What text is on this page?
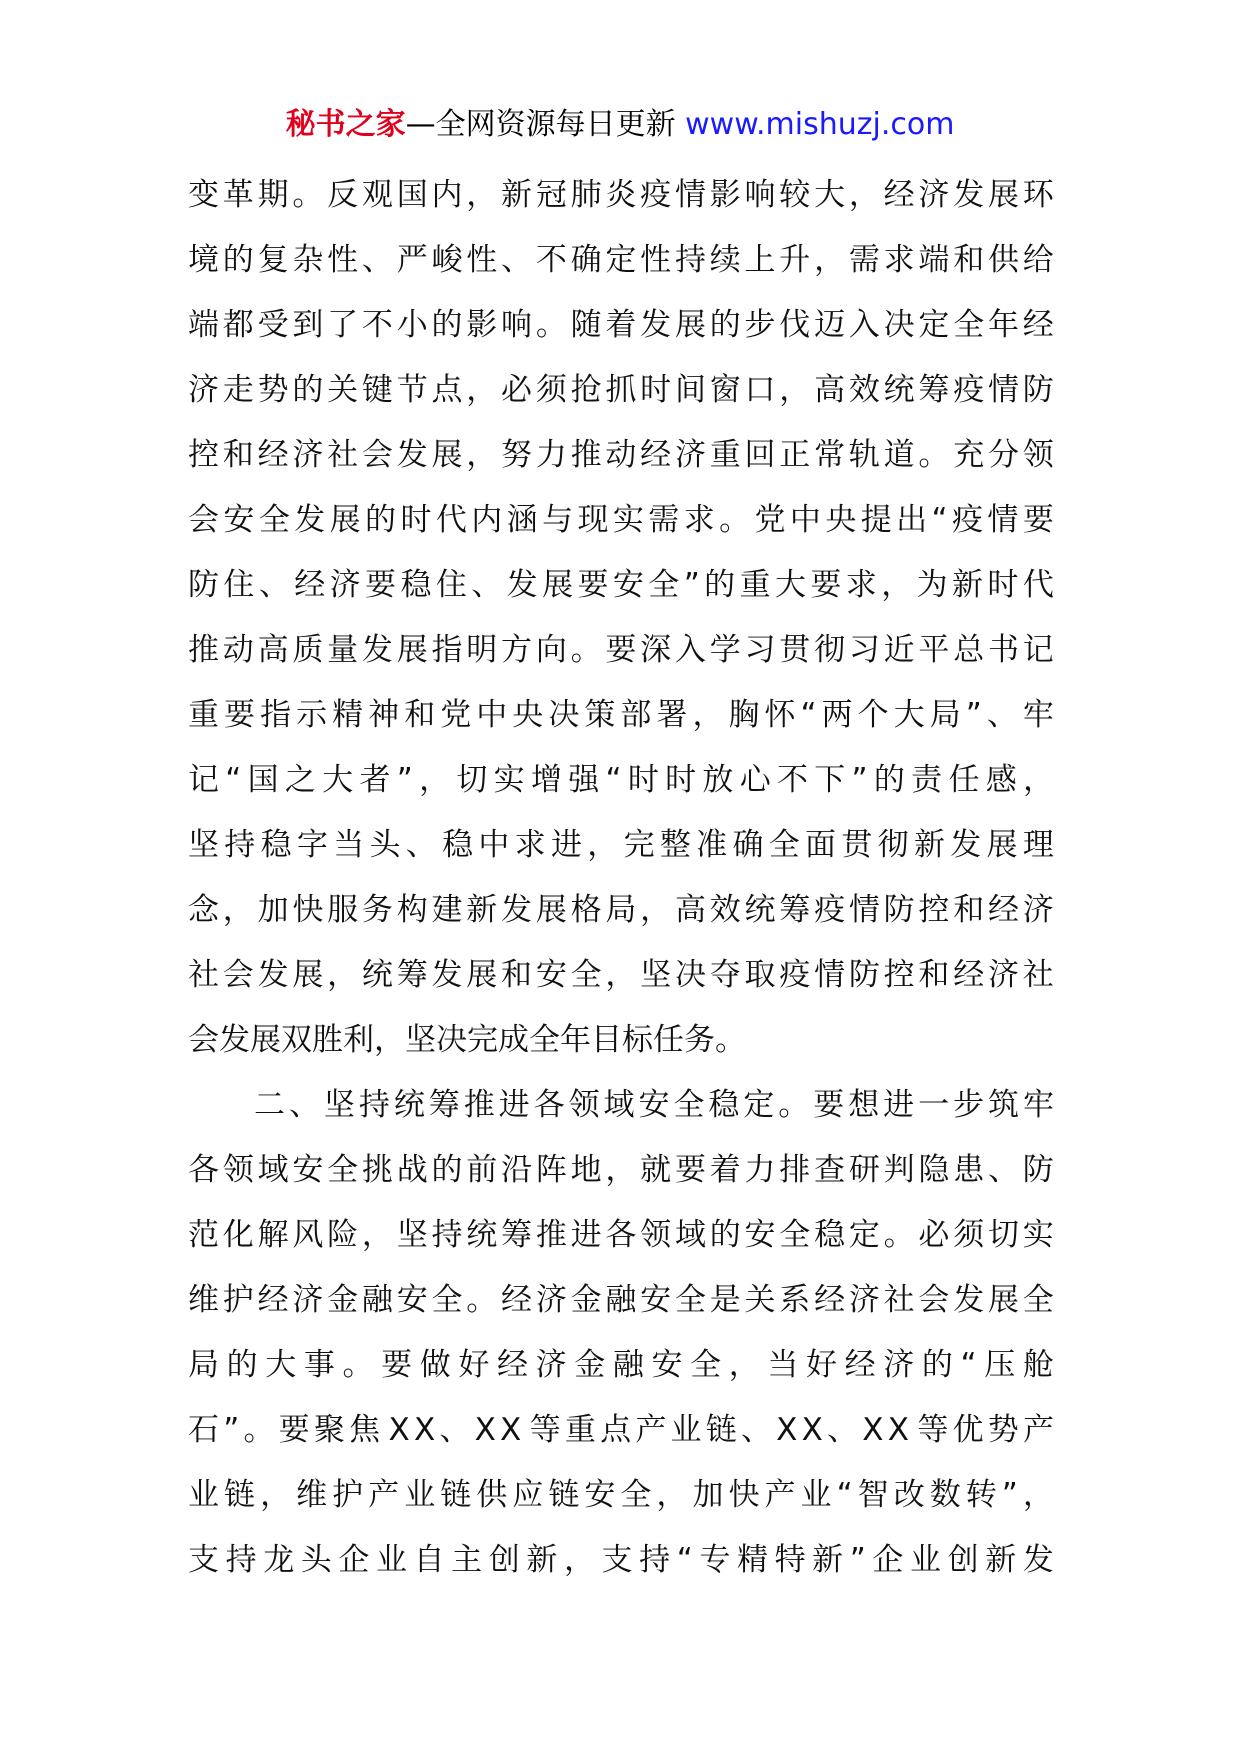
秘书之家—全网资源每日更新 www.mishuzj.com
变 革 期 。 反 观 国 内 ， 新 冠 肺 炎 疫 情 影 响 较 大 ， 经 济 发 展 环
境 的 复 杂 性 、 严 峻 性 、 不 确 定 性 持 续 上 升 ， 需 求 端 和 供 给
端 都 受 到 了 不 小 的 影 响 。 随 着 发 展 的 步 伐 迈 入 决 定 全 年 经
济 走 势 的 关 键 节 点 ， 必 须 抢 抓 时 间 窗 口 ， 高 效 统 筹 疫 情 防
控 和 经 济 社 会 发 展 ， 努 力 推 动 经 济 重 回 正 常 轨 道 。 充 分 领
会 安 全 发 展 的 时 代 内 涵 与 现 实 需 求 。 党 中 央 提 出 “ 疫 情 要
防 住 、 经 济 要 稳 住 、 发 展 要 安 全 ” 的 重 大 要 求 ， 为 新 时 代
推 动 高 质 量 发 展 指 明 方 向 。 要 深 入 学 习 贯 彻 习 近 平 总 书 记
重 要 指 示 精 神 和 党 中 央 决 策 部 署 ， 胸 怀 “ 两 个 大 局 ” 、 牢
记 “ 国 之 大 者 ” ， 切 实 增 强 “ 时 时 放 心 不 下 ” 的 责 任 感 ，
坚 持 稳 字 当 头 、 稳 中 求 进 ， 完 整 准 确 全 面 贯 彻 新 发 展 理
念 ， 加 快 服 务 构 建 新 发 展 格 局 ， 高 效 统 筹 疫 情 防 控 和 经 济
社 会 发 展 ， 统 筹 发 展 和 安 全 ， 坚 决 夺 取 疫 情 防 控 和 经 济 社
会发展双胜利，坚决完成全年目标任务。
二 、 坚 持 统 筹 推 进 各 领 域 安 全 稳 定 。 要 想 进 一 步 筑 牢
各 领 域 安 全 挑 战 的 前 沿 阵 地 ， 就 要 着 力 排 查 研 判 隐 患 、 防
范 化 解 风 险 ， 坚 持 统 筹 推 进 各 领 域 的 安 全 稳 定 。 必 须 切 实
维 护 经 济 金 融 安 全 。 经 济 金 融 安 全 是 关 系 经 济 社 会 发 展 全
局 的 大 事 。 要 做 好 经 济 金 融 安 全 ， 当 好 经 济 的 “ 压 舱
石 ” 。 要 聚 焦 X X 、 X X 等 重 点 产 业 链 、 X X 、 X X 等 优 势 产
业 链 ， 维 护 产 业 链 供 应 链 安 全 ， 加 快 产 业 “ 智 改 数 转 ” ，
支 持 龙 头 企 业 自 主 创 新 ， 支 持 “ 专 精 特 新 ” 企 业 创 新 发
